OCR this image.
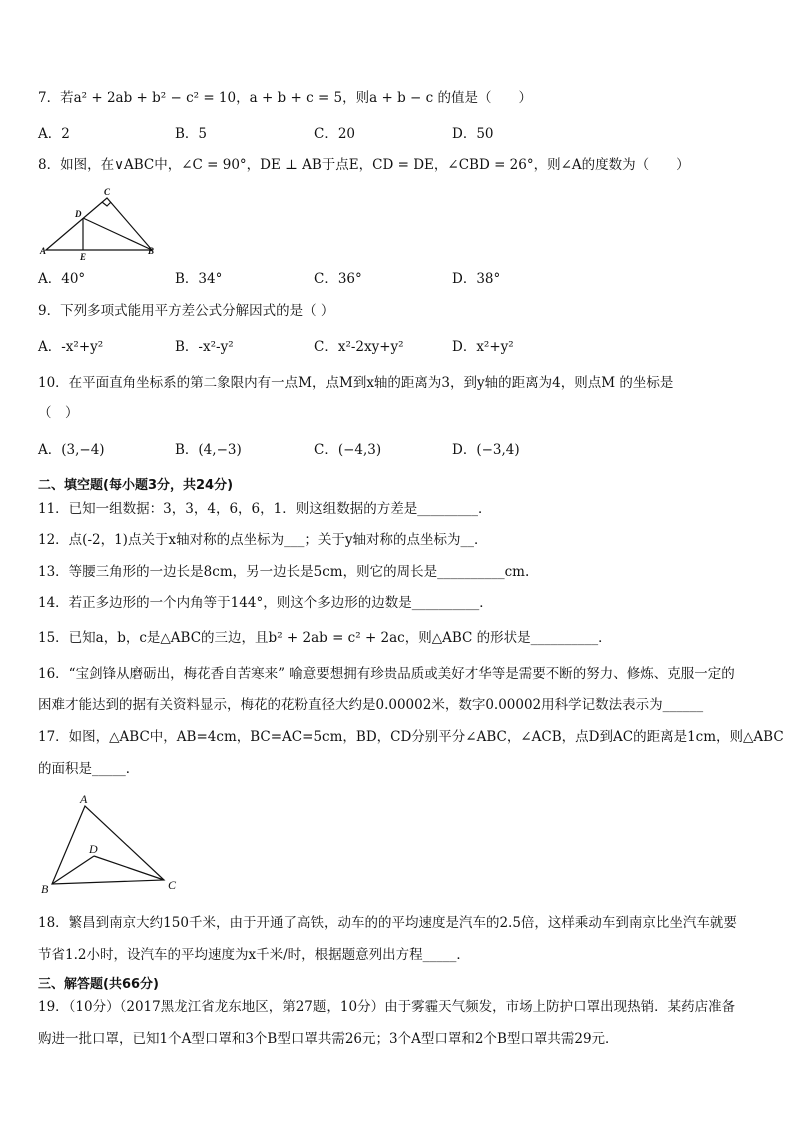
7．若a² + 2ab + b² − c² = 10，a + b + c = 5，则a + b − c 的值是（　　）
A．2	B．5	C．20	D．50
8．如图，在∨ABC中，∠C = 90°，DE ⊥ AB于点E，CD = DE，∠CBD = 26°，则∠A的度数为（　　）
C
D
A
E
B
A．40°	B．34°	C．36°	D．38°
9．下列多项式能用平方差公式分解因式的是（ ）
A．-x²+y²	B．-x²-y²	C．x²-2xy+y²	D．x²+y²
10．在平面直角坐标系的第二象限内有一点M，点M到x轴的距离为3，到y轴的距离为4，则点M 的坐标是
（　）
A．(3,−4)	B．(4,−3)	C．(−4,3)	D．(−3,4)
二、填空题(每小题3分，共24分)
11．已知一组数据：3，3，4，6，6，1．则这组数据的方差是_________．
12．点(-2，1)点关于x轴对称的点坐标为___；关于y轴对称的点坐标为__．
13．等腰三角形的一边长是8cm，另一边长是5cm，则它的周长是__________cm.
14．若正多边形的一个内角等于144°，则这个多边形的边数是__________．
15．已知a，b，c是△ABC的三边，且b² + 2ab = c² + 2ac，则△ABC 的形状是__________．
16．“宝剑锋从磨砺出，梅花香自苦寒来” 喻意要想拥有珍贵品质或美好才华等是需要不断的努力、修炼、克服一定的
困难才能达到的据有关资料显示，梅花的花粉直径大约是0.00002米，数字0.00002用科学记数法表示为______
17．如图，△ABC中，AB=4cm，BC=AC=5cm，BD，CD分别平分∠ABC，∠ACB，点D到AC的距离是1cm，则△ABC
的面积是_____．
A
D
B	C
18．繁昌到南京大约150千米，由于开通了高铁，动车的的平均速度是汽车的2.5倍，这样乘动车到南京比坐汽车就要
节省1.2小时，设汽车的平均速度为x千米/时，根据题意列出方程_____．
三、解答题(共66分)
19．（10分）（2017黑龙江省龙东地区，第27题，10分）由于雾霾天气频发，市场上防护口罩出现热销．某药店准备
购进一批口罩，已知1个A型口罩和3个B型口罩共需26元；3个A型口罩和2个B型口罩共需29元．
